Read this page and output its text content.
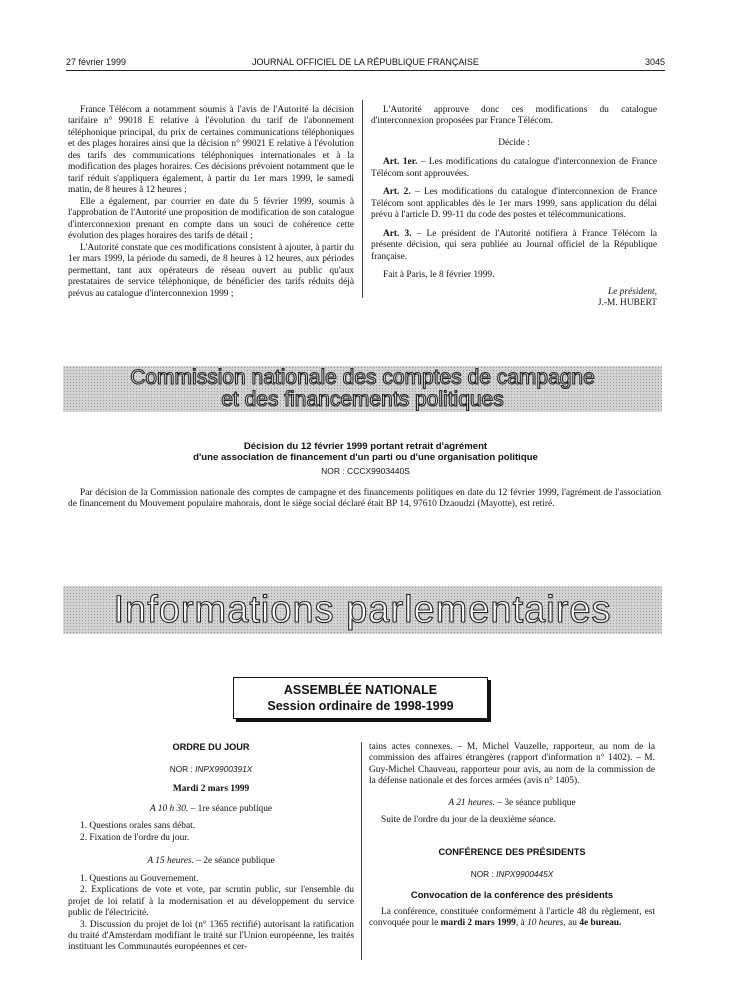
27 février 1999	JOURNAL OFFICIEL DE LA RÉPUBLIQUE FRANÇAISE	3045

France Télécom a notamment soumis à l'avis de l'Autorité la décision tarifaire n° 99018 E relative à l'évolution du tarif de l'abonnement téléphonique principal, du prix de certaines communications téléphoniques et des plages horaires ainsi que la décision n° 99021 E relative à l'évolution des tarifs des communications téléphoniques internationales et à la modification des plages horaires. Ces décisions prévoient notamment que le tarif réduit s'appliquera également, à partir du 1er mars 1999, le samedi matin, de 8 heures à 12 heures ;

Elle a également, par courrier en date du 5 février 1999, soumis à l'approbation de l'Autorité une proposition de modification de son catalogue d'interconnexion prenant en compte dans un souci de cohérence cette évolution des plages horaires des tarifs de détail ;

L'Autorité constate que ces modifications consistent à ajouter, à partir du 1er mars 1999, la période du samedi, de 8 heures à 12 heures, aux périodes permettant, tant aux opérateurs de réseau ouvert au public qu'aux prestataires de service téléphonique, de bénéficier des tarifs réduits déjà prévus au catalogue d'interconnexion 1999 ;

L'Autorité approuve donc ces modifications du catalogue d'interconnexion proposées par France Télécom.

Décide :

Art. 1er. – Les modifications du catalogue d'interconnexion de France Télécom sont approuvées.

Art. 2. – Les modifications du catalogue d'interconnexion de France Télécom sont applicables dès le 1er mars 1999, sans application du délai prévu à l'article D. 99-11 du code des postes et télécommunications.

Art. 3. – Le président de l'Autorité notifiera à France Télécom la présente décision, qui sera publiée au Journal officiel de la République française.

Fait à Paris, le 8 février 1999.

Le président,

J.-M. HUBERT

Commission nationale des comptes de campagne
et des financements politiques
Décision du 12 février 1999 portant retrait d'agrément
d'une association de financement d'un parti ou d'une organisation politique
NOR : CCCX9903440S

Par décision de la Commission nationale des comptes de campagne et des financements politiques en date du 12 février 1999, l'agrément de l'association de financement du Mouvement populaire mahorais, dont le siège social déclaré était BP 14, 97610 Dzaoudzi (Mayotte), est retiré.

Informations parlementaires
ASSEMBLÉE NATIONALE
Session ordinaire de 1998-1999
ORDRE DU JOUR
NOR : INPX9900391X
Mardi 2 mars 1999
A 10 h 30. – 1re séance publique
1. Questions orales sans débat.
2. Fixation de l'ordre du jour.
A 15 heures. – 2e séance publique
1. Questions au Gouvernement.
2. Explications de vote et vote, par scrutin public, sur l'ensemble du projet de loi relatif à la modernisation et au développement du service public de l'électricité.
3. Discussion du projet de loi (n° 1365 rectifié) autorisant la ratification du traité d'Amsterdam modifiant le traité sur l'Union européenne, les traités instituant les Communautés européennes et cer-

tains actes connexes. – M. Michel Vauzelle, rapporteur, au nom de la commission des affaires étrangères (rapport d'information n° 1402). – M. Guy-Michel Chauveau, rapporteur pour avis, au nom de la commission de la défense nationale et des forces armées (avis n° 1405).

A 21 heures. – 3e séance publique

Suite de l'ordre du jour de la deuxième séance.

CONFÉRENCE DES PRÉSIDENTS
NOR : INPX9900445X
Convocation de la conférence des présidents

La conférence, constituée conformément à l'article 48 du règlement, est convoquée pour le mardi 2 mars 1999, à 10 heures, au 4e bureau.
